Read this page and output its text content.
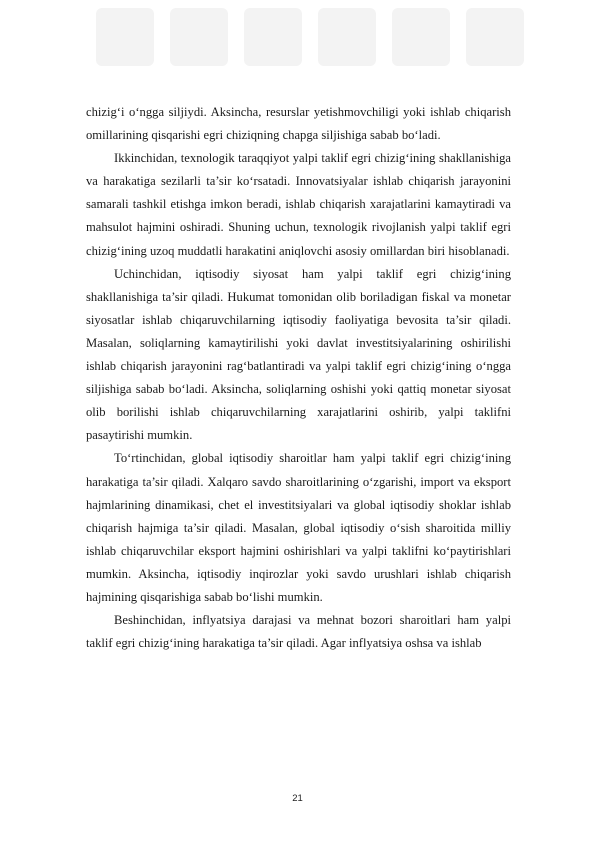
chizig‘i o‘ngga siljiydi. Aksincha, resurslar yetishmovchiligi yoki ishlab chiqarish omillarining qisqarishi egri chiziqning chapga siljishiga sabab bo‘ladi.

Ikkinchidan, texnologik taraqqiyot yalpi taklif egri chizig‘ining shakllanishiga va harakatiga sezilarli ta’sir ko‘rsatadi. Innovatsiyalar ishlab chiqarish jarayonini samarali tashkil etishga imkon beradi, ishlab chiqarish xarajatlarini kamaytiradi va mahsulot hajmini oshiradi. Shuning uchun, texnologik rivojlanish yalpi taklif egri chizig‘ining uzoq muddatli harakatini aniqlovchi asosiy omillardan biri hisoblanadi.

Uchinchidan, iqtisodiy siyosat ham yalpi taklif egri chizig‘ining shakllanishiga ta’sir qiladi. Hukumat tomonidan olib boriladigan fiskal va monetar siyosatlar ishlab chiqaruvchilarning iqtisodiy faoliyatiga bevosita ta’sir qiladi. Masalan, soliqlarning kamaytirilishi yoki davlat investitsiyalarining oshirilishi ishlab chiqarish jarayonini rag‘batlantiradi va yalpi taklif egri chizig‘ining o‘ngga siljishiga sabab bo‘ladi. Aksincha, soliqlarning oshishi yoki qattiq monetar siyosat olib borilishi ishlab chiqaruvchilarning xarajatlarini oshirib, yalpi taklifni pasaytirishi mumkin.

To‘rtinchidan, global iqtisodiy sharoitlar ham yalpi taklif egri chizig‘ining harakatiga ta’sir qiladi. Xalqaro savdo sharoitlarining o‘zgarishi, import va eksport hajmlarining dinamikasi, chet el investitsiyalari va global iqtisodiy shoklar ishlab chiqarish hajmiga ta’sir qiladi. Masalan, global iqtisodiy o‘sish sharoitida milliy ishlab chiqaruvchilar eksport hajmini oshirishlari va yalpi taklifni ko‘paytirishlari mumkin. Aksincha, iqtisodiy inqirozlar yoki savdo urushlari ishlab chiqarish hajmining qisqarishiga sabab bo‘lishi mumkin.

Beshinchidan, inflyatsiya darajasi va mehnat bozori sharoitlari ham yalpi taklif egri chizig‘ining harakatiga ta’sir qiladi. Agar inflyatsiya oshsa va ishlab

21
